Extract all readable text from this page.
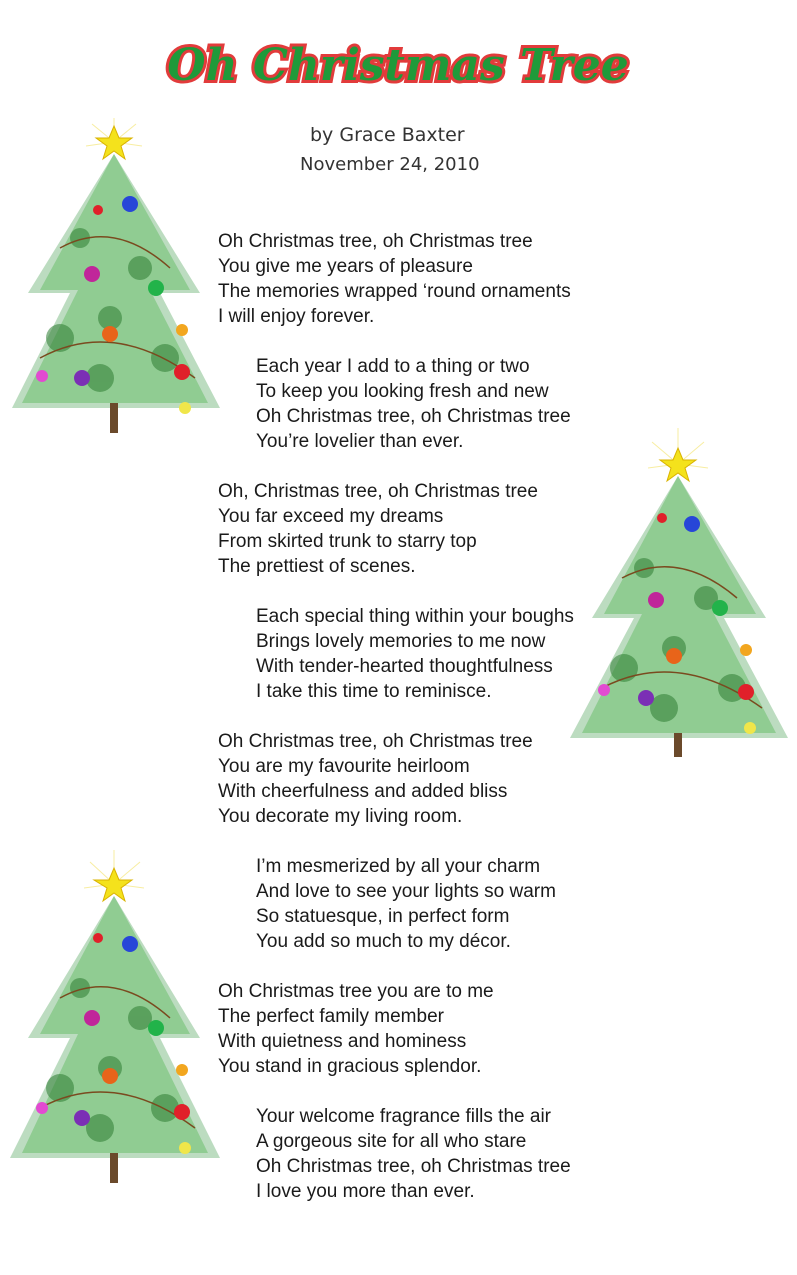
Oh Christmas Tree
by Grace Baxter
November 24, 2010
Oh Christmas tree, oh Christmas tree
You give me years of pleasure
The memories wrapped ‘round ornaments
I will enjoy forever.
Each year I add to a thing or two
To keep you looking fresh and new
Oh Christmas tree, oh Christmas tree
You’re lovelier than ever.
Oh, Christmas tree, oh Christmas tree
You far exceed my dreams
From skirted trunk to starry top
The prettiest of scenes.
Each special thing within your boughs
Brings lovely memories to me now
With tender-hearted thoughtfulness
I take this time to reminisce.
Oh Christmas tree, oh Christmas tree
You are my favourite heirloom
With cheerfulness and added bliss
You decorate my living room.
I’m mesmerized by all your charm
And love to see your lights so warm
So statuesque, in perfect form
You add so much to my décor.
Oh Christmas tree you are to me
The perfect family member
With quietness and hominess
You stand in gracious splendor.
Your welcome fragrance fills the air
A gorgeous site for all who stare
Oh Christmas tree, oh Christmas tree
I love you more than ever.
